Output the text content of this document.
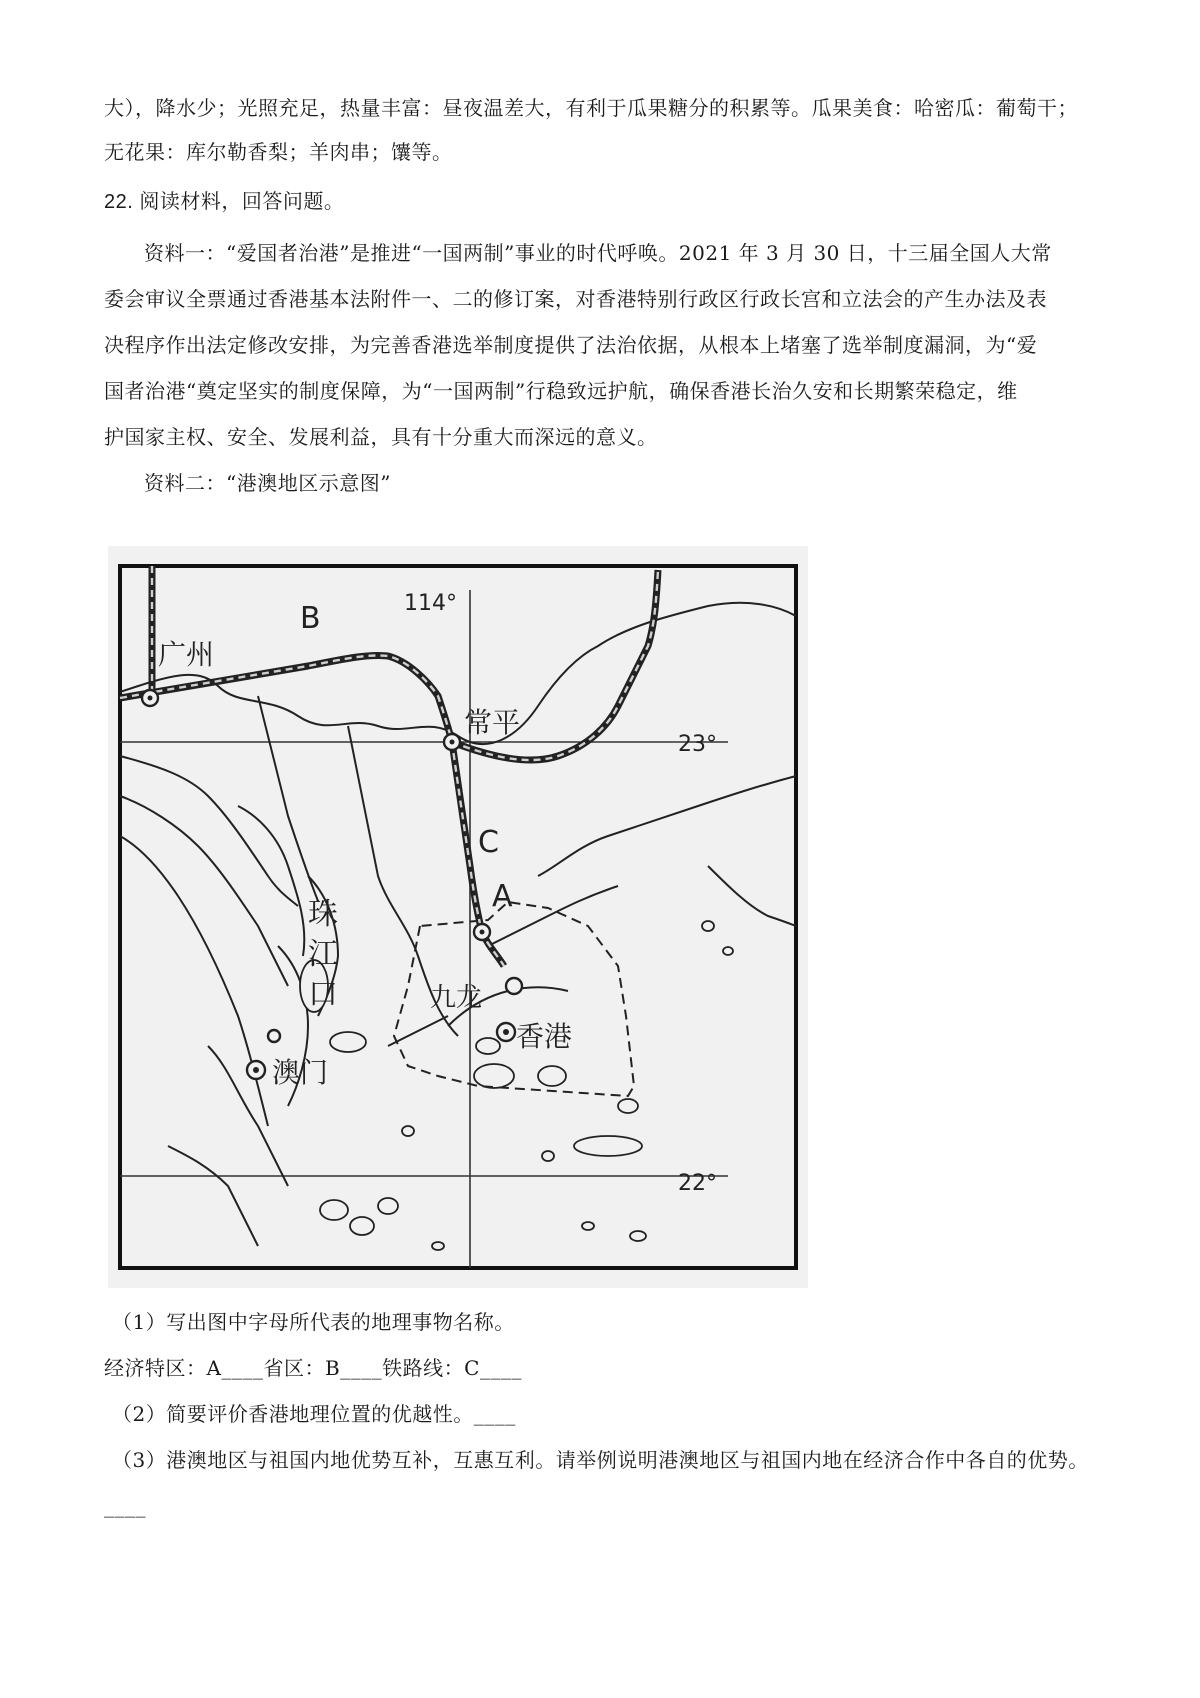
大），降水少；光照充足，热量丰富：昼夜温差大，有利于瓜果糖分的积累等。瓜果美食：哈密瓜：葡萄干；
无花果：库尔勒香梨；羊肉串；馕等。
22. 阅读材料，回答问题。
资料一：“爱国者治港”是推进“一国两制”事业的时代呼唤。2021 年 3 月 30 日，十三届全国人大常
委会审议全票通过香港基本法附件一、二的修订案，对香港特别行政区行政长宫和立法会的产生办法及表
决程序作出法定修改安排，为完善香港选举制度提供了法治依据，从根本上堵塞了选举制度漏洞，为“爱
国者治港“奠定坚实的制度保障，为“一国两制”行稳致远护航，确保香港长治久安和长期繁荣稳定，维
护国家主权、安全、发展利益，具有十分重大而深远的意义。
资料二：“港澳地区示意图”
114°
23°
22°
B
C
A
广州
常平
珠
江
口	九龙
香港
澳门
（1）写出图中字母所代表的地理事物名称。
经济特区：A____省区：B____铁路线：C____
（2）简要评价香港地理位置的优越性。____
（3）港澳地区与祖国内地优势互补，互惠互利。请举例说明港澳地区与祖国内地在经济合作中各自的优势。
____
